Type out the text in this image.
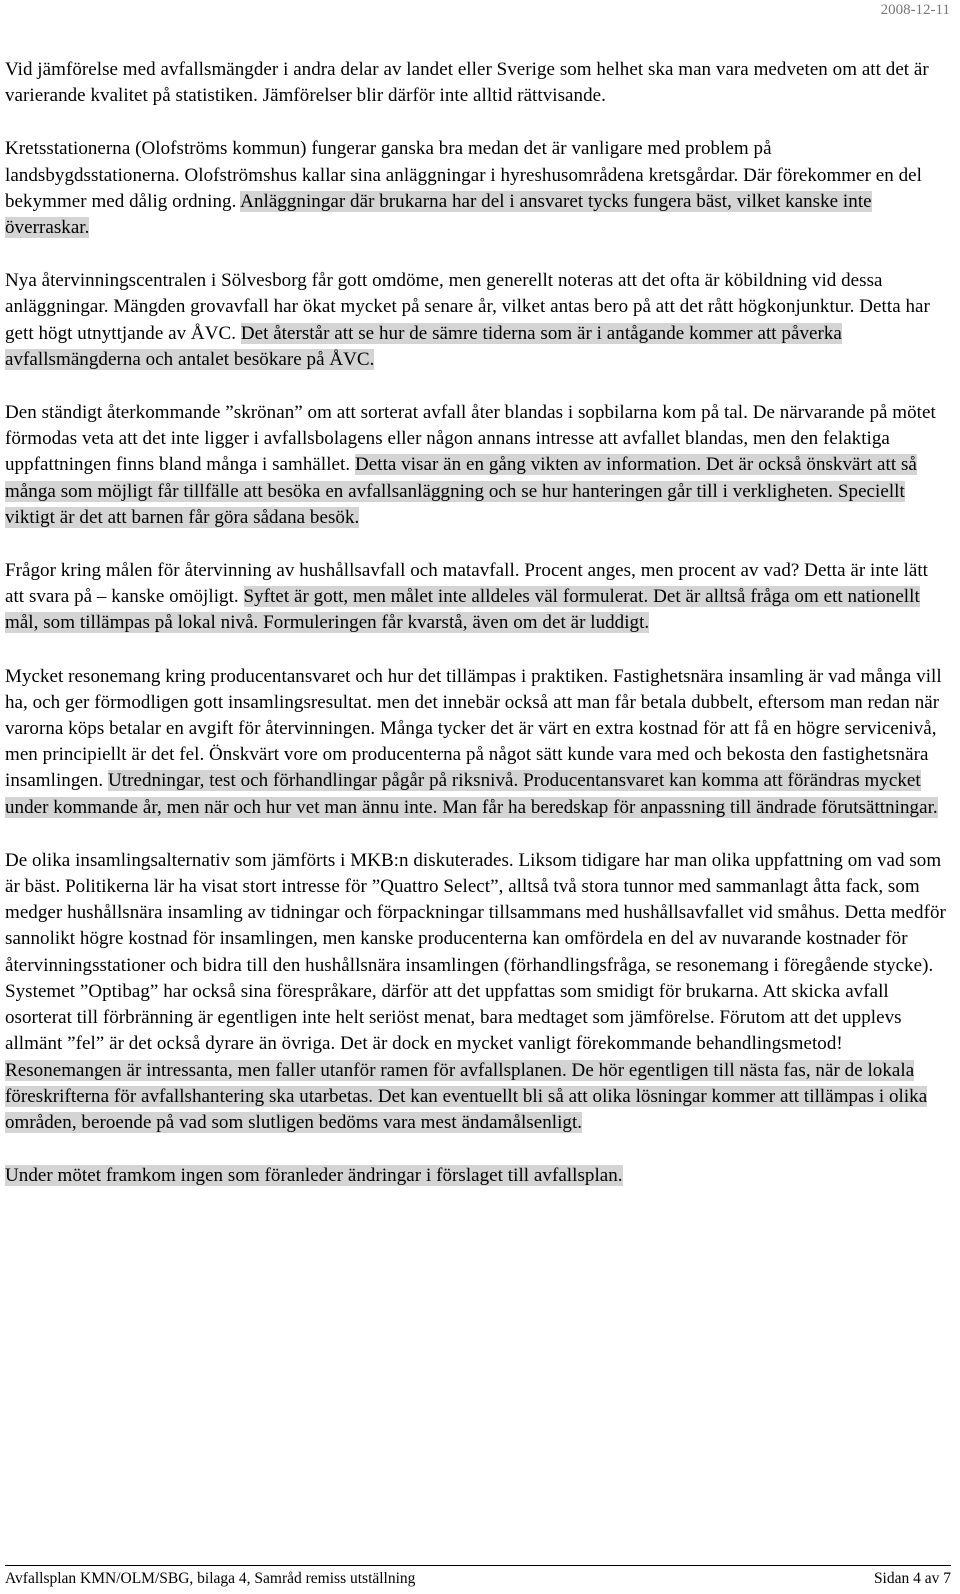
2008-12-11

Vid jämförelse med avfallsmängder i andra delar av landet eller Sverige som helhet ska man vara medveten om att det är varierande kvalitet på statistiken. Jämförelser blir därför inte alltid rättvisande.

Kretsstationerna (Olofströms kommun) fungerar ganska bra medan det är vanligare med problem på landsbygdsstationerna. Olofströmshus kallar sina anläggningar i hyreshusområdena kretsgårdar. Där förekommer en del bekymmer med dålig ordning. Anläggningar där brukarna har del i ansvaret tycks fungera bäst, vilket kanske inte överraskar.

Nya återvinningscentralen i Sölvesborg får gott omdöme, men generellt noteras att det ofta är köbildning vid dessa anläggningar. Mängden grovavfall har ökat mycket på senare år, vilket antas bero på att det rått högkonjunktur. Detta har gett högt utnyttjande av ÅVC. Det återstår att se hur de sämre tiderna som är i antågande kommer att påverka avfallsmängderna och antalet besökare på ÅVC.

Den ständigt återkommande ”skrönan” om att sorterat avfall åter blandas i sopbilarna kom på tal. De närvarande på mötet förmodas veta att det inte ligger i avfallsbolagens eller någon annans intresse att avfallet blandas, men den felaktiga uppfattningen finns bland många i samhället. Detta visar än en gång vikten av information. Det är också önskvärt att så många som möjligt får tillfälle att besöka en avfallsanläggning och se hur hanteringen går till i verkligheten. Speciellt viktigt är det att barnen får göra sådana besök.

Frågor kring målen för återvinning av hushållsavfall och matavfall. Procent anges, men procent av vad? Detta är inte lätt att svara på – kanske omöjligt. Syftet är gott, men målet inte alldeles väl formulerat. Det är alltså fråga om ett nationellt mål, som tillämpas på lokal nivå. Formuleringen får kvarstå, även om det är luddigt.

Mycket resonemang kring producentansvaret och hur det tillämpas i praktiken. Fastighetsnära insamling är vad många vill ha, och ger förmodligen gott insamlingsresultat. men det innebär också att man får betala dubbelt, eftersom man redan när varorna köps betalar en avgift för återvinningen. Många tycker det är värt en extra kostnad för att få en högre servicenivå, men principiellt är det fel. Önskvärt vore om producenterna på något sätt kunde vara med och bekosta den fastighetsnära insamlingen. Utredningar, test och förhandlingar pågår på riksnivå. Producentansvaret kan komma att förändras mycket under kommande år, men när och hur vet man ännu inte. Man får ha beredskap för anpassning till ändrade förutsättningar.

De olika insamlingsalternativ som jämförts i MKB:n diskuterades. Liksom tidigare har man olika uppfattning om vad som är bäst. Politikerna lär ha visat stort intresse för ”Quattro Select”, alltså två stora tunnor med sammanlagt åtta fack, som medger hushållsnära insamling av tidningar och förpackningar tillsammans med hushållsavfallet vid småhus. Detta medför sannolikt högre kostnad för insamlingen, men kanske producenterna kan omfördela en del av nuvarande kostnader för återvinningsstationer och bidra till den hushållsnära insamlingen (förhandlingsfråga, se resonemang i föregående stycke). Systemet ”Optibag” har också sina förespråkare, därför att det uppfattas som smidigt för brukarna. Att skicka avfall osorterat till förbränning är egentligen inte helt seriöst menat, bara medtaget som jämförelse. Förutom att det upplevs allmänt ”fel” är det också dyrare än övriga. Det är dock en mycket vanligt förekommande behandlingsmetod! Resonemangen är intressanta, men faller utanför ramen för avfallsplanen. De hör egentligen till nästa fas, när de lokala föreskrifterna för avfallshantering ska utarbetas. Det kan eventuellt bli så att olika lösningar kommer att tillämpas i olika områden, beroende på vad som slutligen bedöms vara mest ändamålsenligt.

Under mötet framkom ingen som föranleder ändringar i förslaget till avfallsplan.

Avfallsplan KMN/OLM/SBG, bilaga 4, Samråd remiss utställning	Sidan 4 av 7
